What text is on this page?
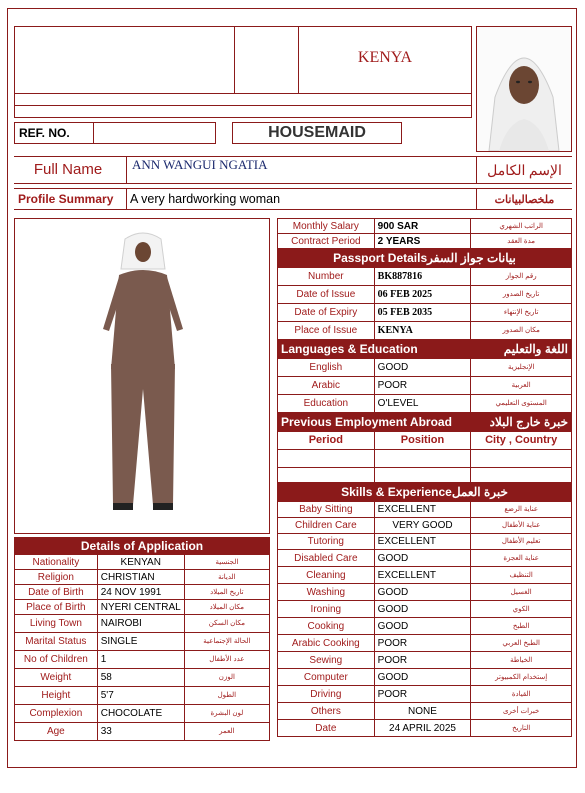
KENYA
REF. NO.	HOUSEMAID
Full Name	ANN WANGUI NGATIA	الإسم الكامل
Profile Summary A very hardworking woman	ملخصالبيانات
Monthly Salary	900 SAR	الراتب الشهري
Contract Period	2 YEARS	مدة العقد
Passport Detailsبيانات جواز السفر		
Number	BK887816	رقم الجواز
Date of Issue	06 FEB 2025	تاريخ الصدور
Date of Expiry	05 FEB 2035	تاريخ الإنتهاء
Place of Issue	KENYA	مكان الصدور

اللغة والتعليم
Languages & Education		
English	GOOD	الإنجليزية
Arabic	POOR	العربية
Education	O'LEVEL	المستوى التعليمي

خبرة خارج البلاد
Previous Employment Abroad		
Period	Position	City , Country

Skills & Experienceخبرة العمل		
Baby Sitting	EXCELLENT	عناية الرضع
Children Care	VERY GOOD	عناية الأطفال
Tutoring	EXCELLENT	تعليم الأطفال
Disabled Care	GOOD	عناية العجزة
Cleaning	EXCELLENT	التنظيف
Washing	GOOD	الغسيل
Ironing	GOOD	الكوي
Cooking	GOOD	الطبخ
Arabic Cooking	POOR	الطبخ العربي
Sewing	POOR	الخياطة
Computer	GOOD	إستخدام الكمبيوتر
Driving	POOR	القيادة
Others	NONE	خبرات أخرى
Date	24 APRIL 2025	التاريخ
Details of Application		
Nationality	KENYAN	الجنسية
Religion	CHRISTIAN	الديانة
Date of Birth	24 NOV 1991	تاريخ الميلاد
Place of Birth	NYERI CENTRAL	مكان الميلاد
Living Town	NAIROBI	مكان السكن
Marital Status	SINGLE	الحالة الإجتماعية
No of Children	1	عدد الأطفال
Weight	58	الوزن
Height	5'7	الطول
Complexion	CHOCOLATE	لون البشرة
Age	33	العمر
